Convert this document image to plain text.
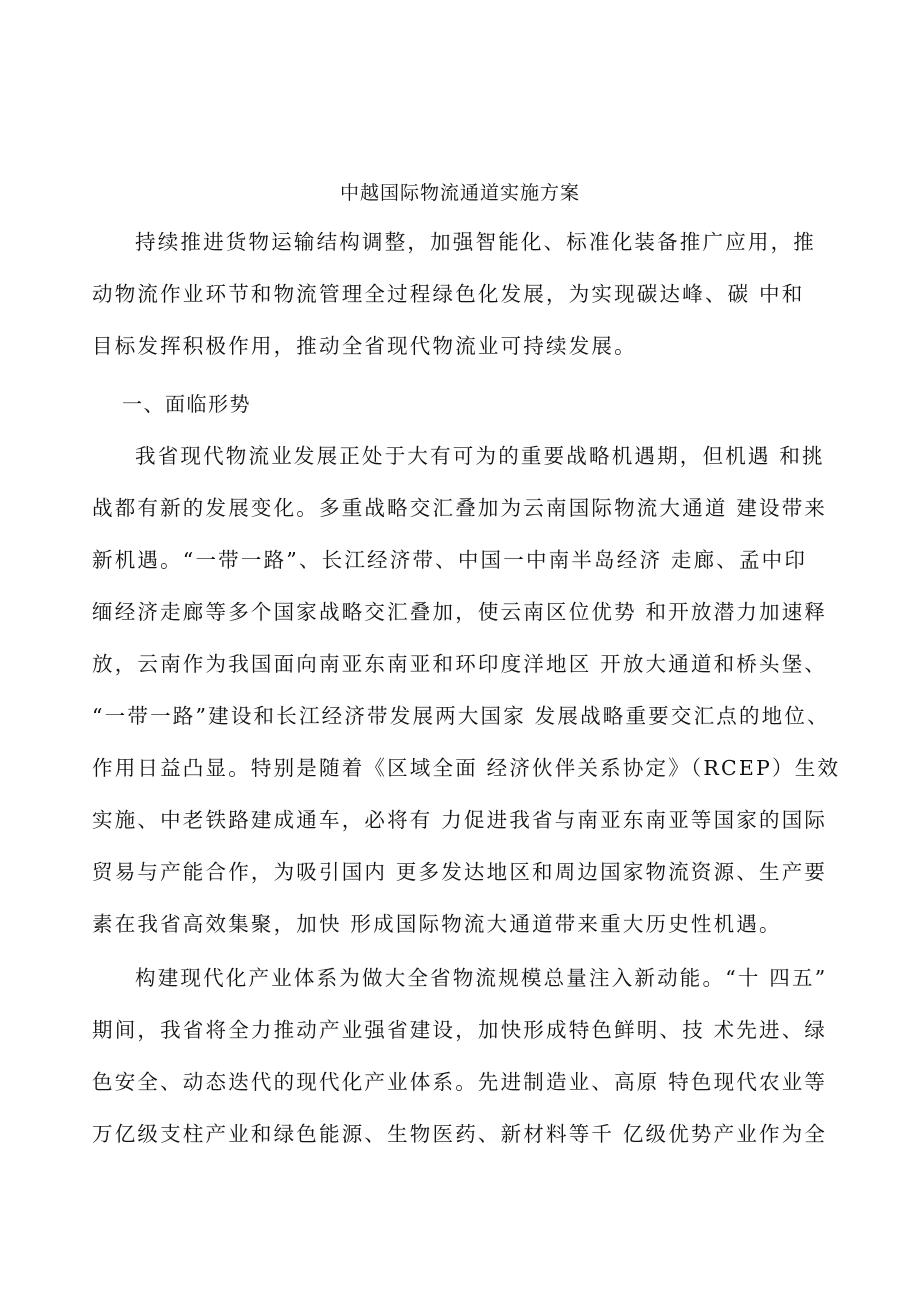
中越国际物流通道实施方案
持续推进货物运输结构调整，加强智能化、标准化装备推广应用，推
动物流作业环节和物流管理全过程绿色化发展，为实现碳达峰、碳 中和
目标发挥积极作用，推动全省现代物流业可持续发展。
一、面临形势
我省现代物流业发展正处于大有可为的重要战略机遇期，但机遇 和挑
战都有新的发展变化。多重战略交汇叠加为云南国际物流大通道 建设带来
新机遇。“一带一路”、长江经济带、中国一中南半岛经济 走廊、孟中印
缅经济走廊等多个国家战略交汇叠加，使云南区位优势 和开放潜力加速释
放，云南作为我国面向南亚东南亚和环印度洋地区 开放大通道和桥头堡、
“一带一路”建设和长江经济带发展两大国家 发展战略重要交汇点的地位、
作用日益凸显。特别是随着《区域全面 经济伙伴关系协定》（RCEP）生效
实施、中老铁路建成通车，必将有 力促进我省与南亚东南亚等国家的国际
贸易与产能合作，为吸引国内 更多发达地区和周边国家物流资源、生产要
素在我省高效集聚，加快 形成国际物流大通道带来重大历史性机遇。
构建现代化产业体系为做大全省物流规模总量注入新动能。“十 四五”
期间，我省将全力推动产业强省建设，加快形成特色鲜明、技 术先进、绿
色安全、动态迭代的现代化产业体系。先进制造业、高原 特色现代农业等
万亿级支柱产业和绿色能源、生物医药、新材料等千 亿级优势产业作为全
